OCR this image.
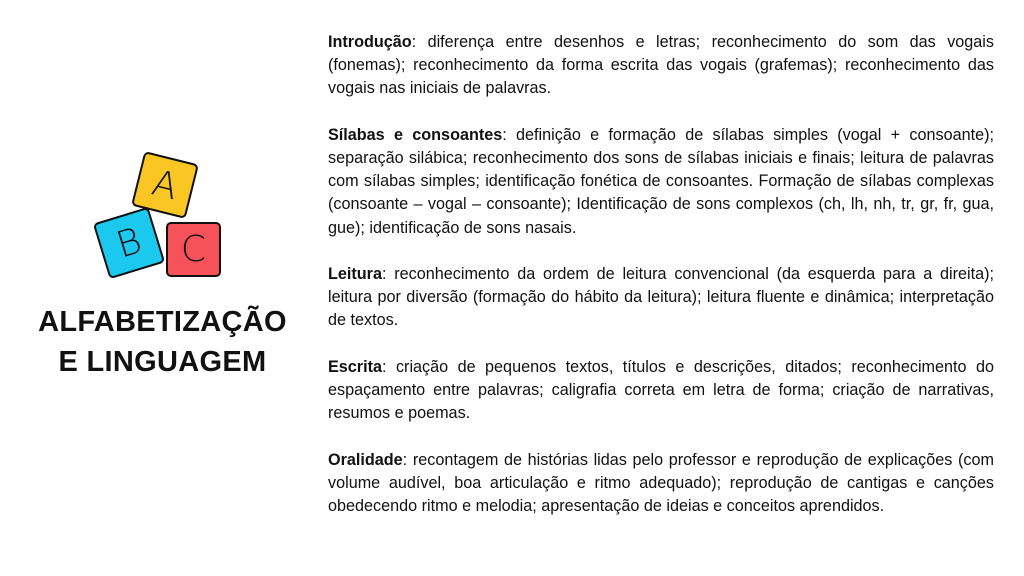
A
B C
ALFABETIZAÇÃO
E LINGUAGEM

Introdução: diferença entre desenhos e letras; reconhecimento do som das vogais (fonemas); reconhecimento da forma escrita das vogais (grafemas); reconhecimento das vogais nas iniciais de palavras.

Sílabas e consoantes: definição e formação de sílabas simples (vogal + consoante); separação silábica; reconhecimento dos sons de sílabas iniciais e finais; leitura de palavras com sílabas simples; identificação fonética de consoantes. Formação de sílabas complexas (consoante – vogal – consoante); Identificação de sons complexos (ch, lh, nh, tr, gr, fr, gua, gue); identificação de sons nasais.

Leitura: reconhecimento da ordem de leitura convencional (da esquerda para a direita); leitura por diversão (formação do hábito da leitura); leitura fluente e dinâmica; interpretação de textos.

Escrita: criação de pequenos textos, títulos e descrições, ditados; reconhecimento do espaçamento entre palavras; caligrafia correta em letra de forma; criação de narrativas, resumos e poemas.

Oralidade: recontagem de histórias lidas pelo professor e reprodução de explicações (com volume audível, boa articulação e ritmo adequado); reprodução de cantigas e canções obedecendo ritmo e melodia; apresentação de ideias e conceitos aprendidos.
